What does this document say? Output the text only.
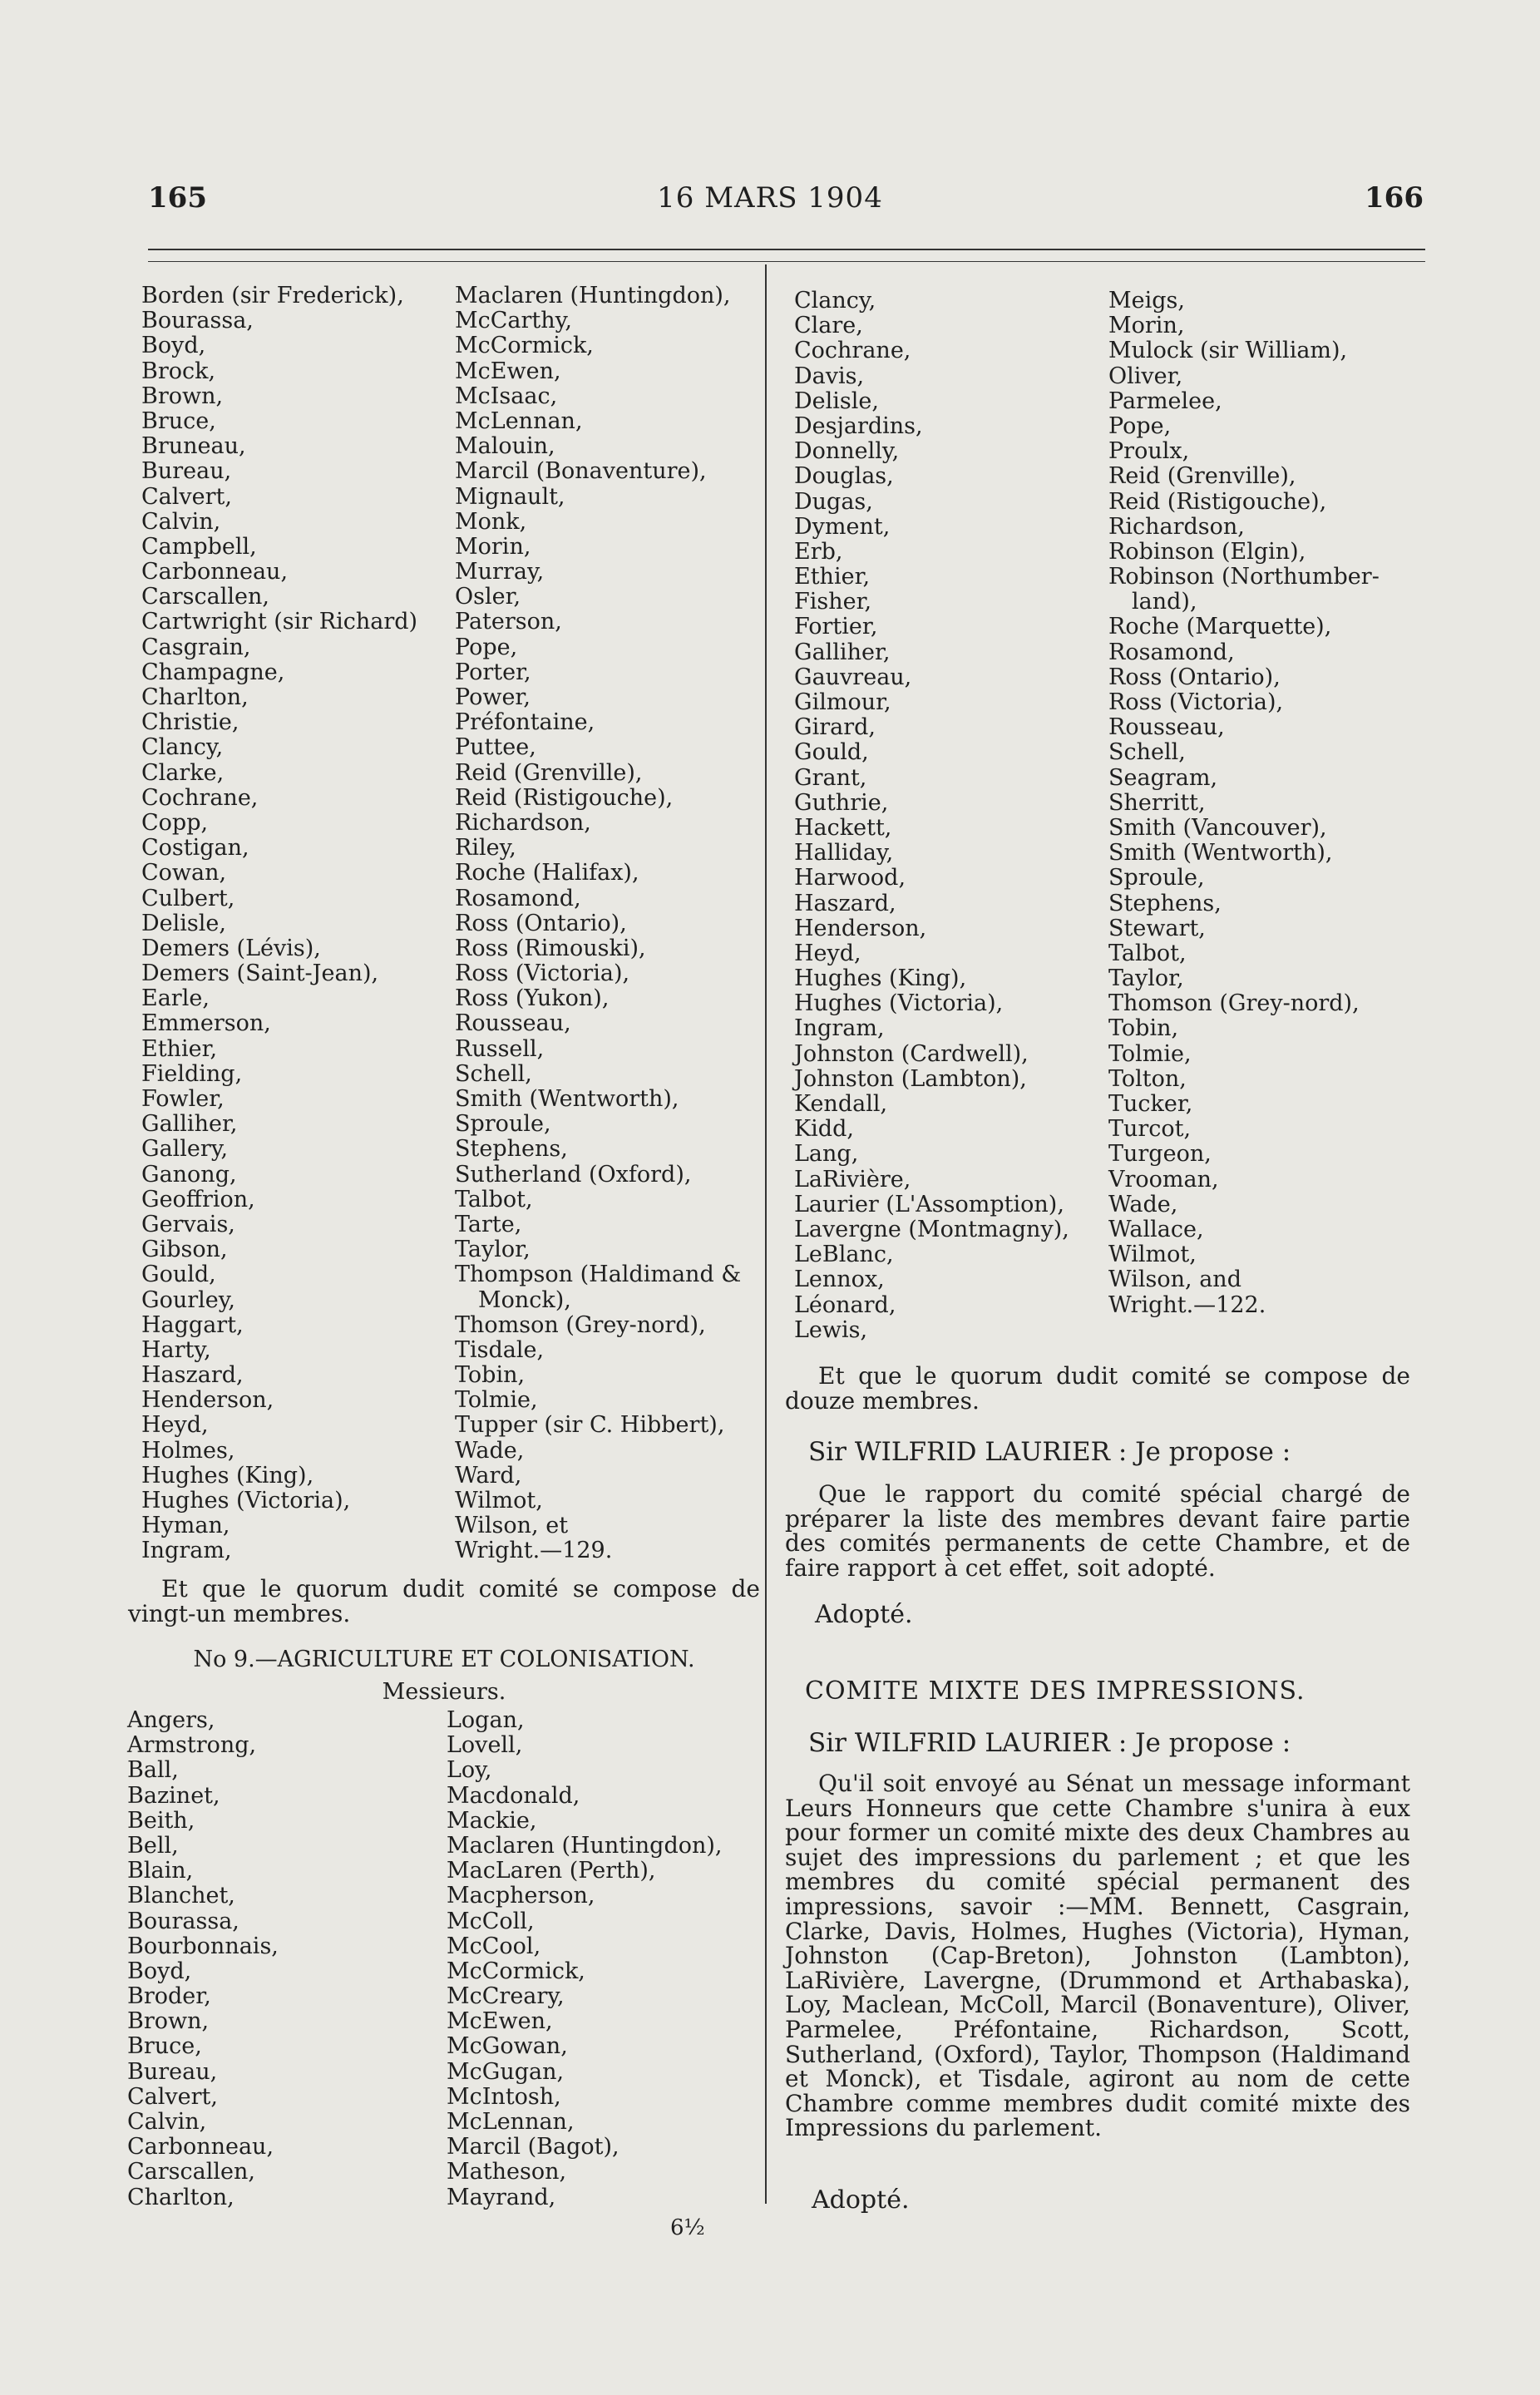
165	16 MARS 1904	166
Borden (sir Frederick),
Bourassa,
Boyd,
Brock,
Brown,
Bruce,
Bruneau,
Bureau,
Calvert,
Calvin,
Campbell,
Carbonneau,
Carscallen,
Cartwright (sir Richard)
Casgrain,
Champagne,
Charlton,
Christie,
Clancy,
Clarke,
Cochrane,
Copp,
Costigan,
Cowan,
Culbert,
Delisle,
Demers (Lévis),
Demers (Saint-Jean),
Earle,
Emmerson,
Ethier,
Fielding,
Fowler,
Galliher,
Gallery,
Ganong,
Geoffrion,
Gervais,
Gibson,
Gould,
Gourley,
Haggart,
Harty,
Haszard,
Henderson,
Heyd,
Holmes,
Hughes (King),
Hughes (Victoria),
Hyman,
Ingram,
Maclaren (Huntingdon),
McCarthy,
McCormick,
McEwen,
McIsaac,
McLennan,
Malouin,
Marcil (Bonaventure),
Mignault,
Monk,
Morin,
Murray,
Osler,
Paterson,
Pope,
Porter,
Power,
Préfontaine,
Puttee,
Reid (Grenville),
Reid (Ristigouche),
Richardson,
Riley,
Roche (Halifax),
Rosamond,
Ross (Ontario),
Ross (Rimouski),
Ross (Victoria),
Ross (Yukon),
Rousseau,
Russell,
Schell,
Smith (Wentworth),
Sproule,
Stephens,
Sutherland (Oxford),
Talbot,
Tarte,
Taylor,
Thompson (Haldimand &
Monck),
Thomson (Grey-nord),
Tisdale,
Tobin,
Tolmie,
Tupper (sir C. Hibbert),
Wade,
Ward,
Wilmot,
Wilson, et
Wright.—129.

Et que le quorum dudit comité se compose de vingt-un membres.

No 9.—AGRICULTURE ET COLONISATION.
Messieurs.
Angers,
Armstrong,
Ball,
Bazinet,
Beith,
Bell,
Blain,
Blanchet,
Bourassa,
Bourbonnais,
Boyd,
Broder,
Brown,
Bruce,
Bureau,
Calvert,
Calvin,
Carbonneau,
Carscallen,
Charlton,
Logan,
Lovell,
Loy,
Macdonald,
Mackie,
Maclaren (Huntingdon),
MacLaren (Perth),
Macpherson,
McColl,
McCool,
McCormick,
McCreary,
McEwen,
McGowan,
McGugan,
McIntosh,
McLennan,
Marcil (Bagot),
Matheson,
Mayrand,
Clancy,
Clare,
Cochrane,
Davis,
Delisle,
Desjardins,
Donnelly,
Douglas,
Dugas,
Dyment,
Erb,
Ethier,
Fisher,
Fortier,
Galliher,
Gauvreau,
Gilmour,
Girard,
Gould,
Grant,
Guthrie,
Hackett,
Halliday,
Harwood,
Haszard,
Henderson,
Heyd,
Hughes (King),
Hughes (Victoria),
Ingram,
Johnston (Cardwell),
Johnston (Lambton),
Kendall,
Kidd,
Lang,
LaRivière,
Laurier (L'Assomption),
Lavergne (Montmagny),
LeBlanc,
Lennox,
Léonard,
Lewis,
Meigs,
Morin,
Mulock (sir William),
Oliver,
Parmelee,
Pope,
Proulx,
Reid (Grenville),
Reid (Ristigouche),
Richardson,
Robinson (Elgin),
Robinson (Northumber-
land),
Roche (Marquette),
Rosamond,
Ross (Ontario),
Ross (Victoria),
Rousseau,
Schell,
Seagram,
Sherritt,
Smith (Vancouver),
Smith (Wentworth),
Sproule,
Stephens,
Stewart,
Talbot,
Taylor,
Thomson (Grey-nord),
Tobin,
Tolmie,
Tolton,
Tucker,
Turcot,
Turgeon,
Vrooman,
Wade,
Wallace,
Wilmot,
Wilson, and
Wright.—122.

Et que le quorum dudit comité se compose de douze membres.

Sir WILFRID LAURIER : Je propose :

Que le rapport du comité spécial chargé de préparer la liste des membres devant faire partie des comités permanents de cette Chambre, et de faire rapport à cet effet, soit adopté.

Adopté.
COMITE MIXTE DES IMPRESSIONS.
Sir WILFRID LAURIER : Je propose :

Qu'il soit envoyé au Sénat un message informant Leurs Honneurs que cette Chambre s'unira à eux pour former un comité mixte des deux Chambres au sujet des impressions du parlement ; et que les membres du comité spécial permanent des impressions, savoir :—MM. Bennett, Casgrain, Clarke, Davis, Holmes, Hughes (Victoria), Hyman, Johnston (Cap-Breton), Johnston (Lambton), LaRivière, Lavergne, (Drummond et Arthabaska), Loy, Maclean, McColl, Marcil (Bonaventure), Oliver, Parmelee, Préfontaine, Richardson, Scott, Sutherland, (Oxford), Taylor, Thompson (Haldimand et Monck), et Tisdale, agiront au nom de cette Chambre comme membres dudit comité mixte des Impressions du parlement.

Adopté.
6½
